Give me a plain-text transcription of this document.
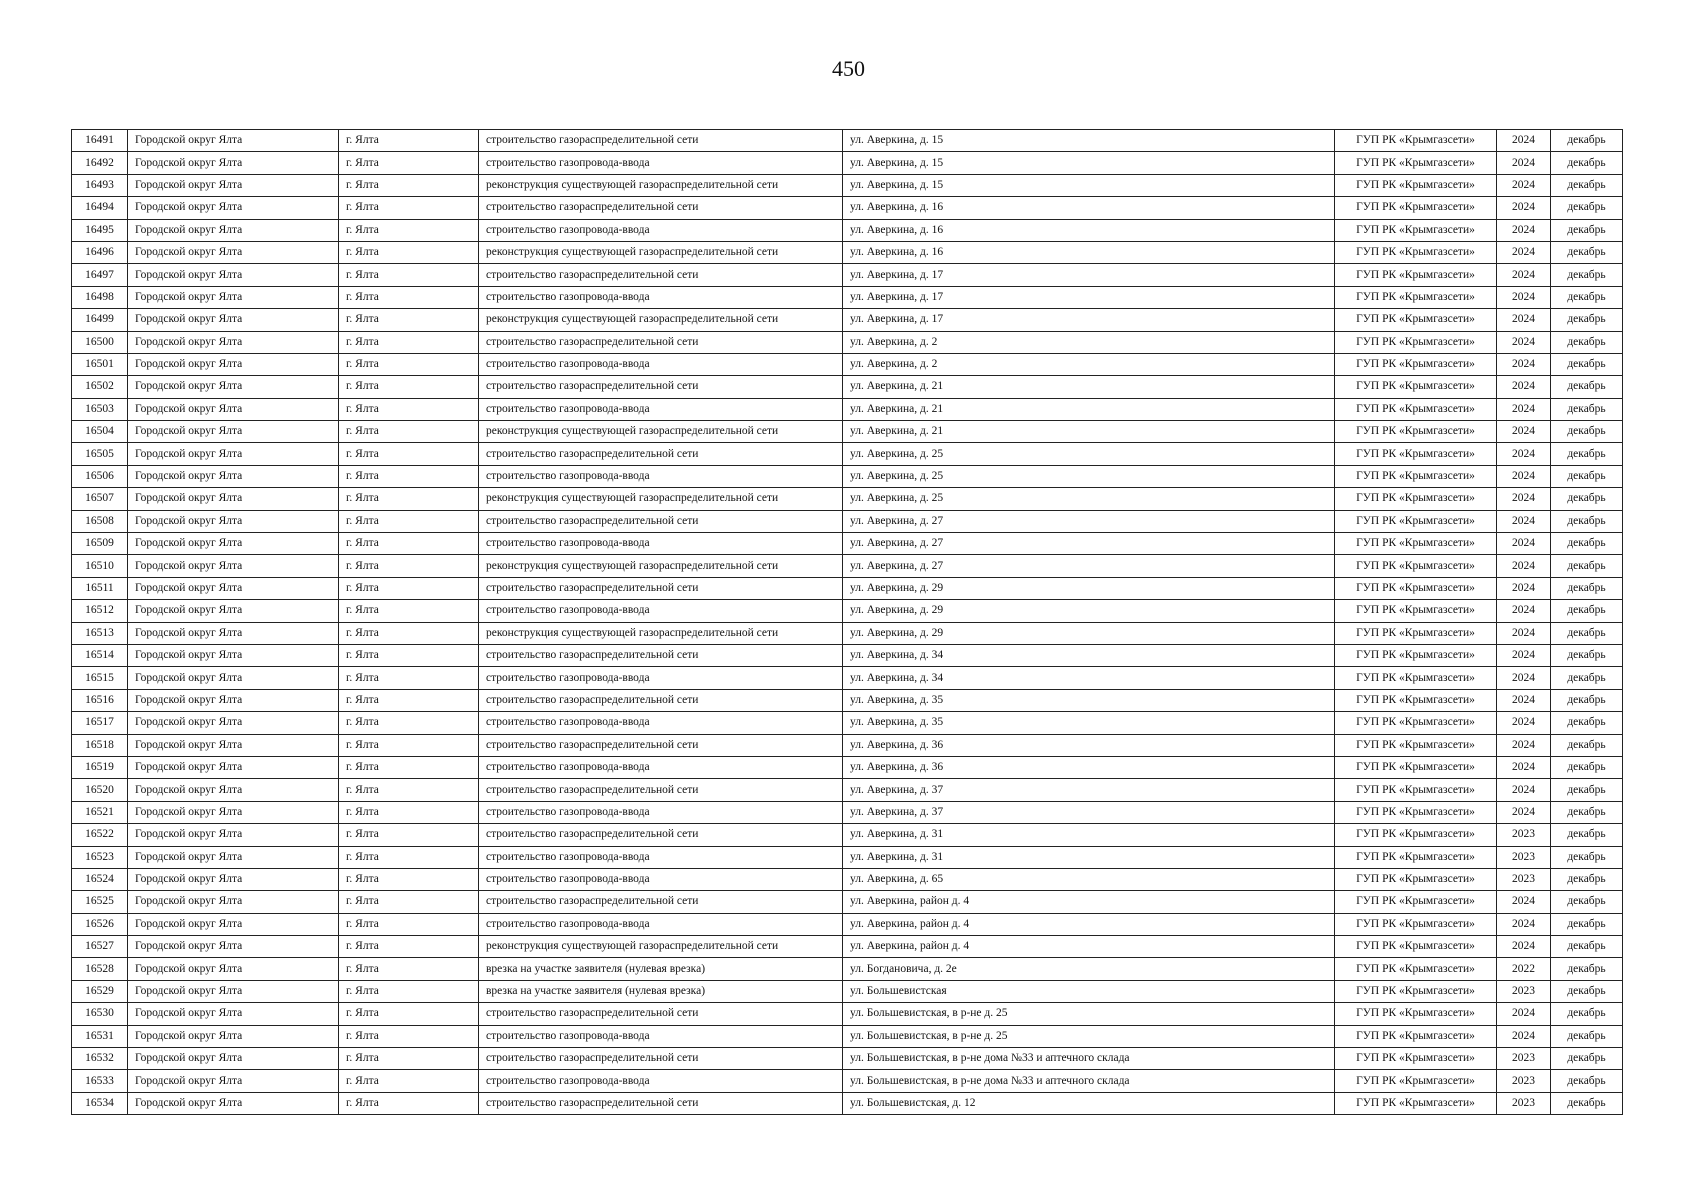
450
16491	Городской округ Ялта	г. Ялта	строительство газораспределительной сети	ул. Аверкина, д. 15	ГУП РК «Крымгазсети»	2024	декабрь
16492	Городской округ Ялта	г. Ялта	строительство газопровода-ввода	ул. Аверкина, д. 15	ГУП РК «Крымгазсети»	2024	декабрь
16493	Городской округ Ялта	г. Ялта	реконструкция существующей газораспределительной сети	ул. Аверкина, д. 15	ГУП РК «Крымгазсети»	2024	декабрь
16494	Городской округ Ялта	г. Ялта	строительство газораспределительной сети	ул. Аверкина, д. 16	ГУП РК «Крымгазсети»	2024	декабрь
16495	Городской округ Ялта	г. Ялта	строительство газопровода-ввода	ул. Аверкина, д. 16	ГУП РК «Крымгазсети»	2024	декабрь
16496	Городской округ Ялта	г. Ялта	реконструкция существующей газораспределительной сети	ул. Аверкина, д. 16	ГУП РК «Крымгазсети»	2024	декабрь
16497	Городской округ Ялта	г. Ялта	строительство газораспределительной сети	ул. Аверкина, д. 17	ГУП РК «Крымгазсети»	2024	декабрь
16498	Городской округ Ялта	г. Ялта	строительство газопровода-ввода	ул. Аверкина, д. 17	ГУП РК «Крымгазсети»	2024	декабрь
16499	Городской округ Ялта	г. Ялта	реконструкция существующей газораспределительной сети	ул. Аверкина, д. 17	ГУП РК «Крымгазсети»	2024	декабрь
16500	Городской округ Ялта	г. Ялта	строительство газораспределительной сети	ул. Аверкина, д. 2	ГУП РК «Крымгазсети»	2024	декабрь
16501	Городской округ Ялта	г. Ялта	строительство газопровода-ввода	ул. Аверкина, д. 2	ГУП РК «Крымгазсети»	2024	декабрь
16502	Городской округ Ялта	г. Ялта	строительство газораспределительной сети	ул. Аверкина, д. 21	ГУП РК «Крымгазсети»	2024	декабрь
16503	Городской округ Ялта	г. Ялта	строительство газопровода-ввода	ул. Аверкина, д. 21	ГУП РК «Крымгазсети»	2024	декабрь
16504	Городской округ Ялта	г. Ялта	реконструкция существующей газораспределительной сети	ул. Аверкина, д. 21	ГУП РК «Крымгазсети»	2024	декабрь
16505	Городской округ Ялта	г. Ялта	строительство газораспределительной сети	ул. Аверкина, д. 25	ГУП РК «Крымгазсети»	2024	декабрь
16506	Городской округ Ялта	г. Ялта	строительство газопровода-ввода	ул. Аверкина, д. 25	ГУП РК «Крымгазсети»	2024	декабрь
16507	Городской округ Ялта	г. Ялта	реконструкция существующей газораспределительной сети	ул. Аверкина, д. 25	ГУП РК «Крымгазсети»	2024	декабрь
16508	Городской округ Ялта	г. Ялта	строительство газораспределительной сети	ул. Аверкина, д. 27	ГУП РК «Крымгазсети»	2024	декабрь
16509	Городской округ Ялта	г. Ялта	строительство газопровода-ввода	ул. Аверкина, д. 27	ГУП РК «Крымгазсети»	2024	декабрь
16510	Городской округ Ялта	г. Ялта	реконструкция существующей газораспределительной сети	ул. Аверкина, д. 27	ГУП РК «Крымгазсети»	2024	декабрь
16511	Городской округ Ялта	г. Ялта	строительство газораспределительной сети	ул. Аверкина, д. 29	ГУП РК «Крымгазсети»	2024	декабрь
16512	Городской округ Ялта	г. Ялта	строительство газопровода-ввода	ул. Аверкина, д. 29	ГУП РК «Крымгазсети»	2024	декабрь
16513	Городской округ Ялта	г. Ялта	реконструкция существующей газораспределительной сети	ул. Аверкина, д. 29	ГУП РК «Крымгазсети»	2024	декабрь
16514	Городской округ Ялта	г. Ялта	строительство газораспределительной сети	ул. Аверкина, д. 34	ГУП РК «Крымгазсети»	2024	декабрь
16515	Городской округ Ялта	г. Ялта	строительство газопровода-ввода	ул. Аверкина, д. 34	ГУП РК «Крымгазсети»	2024	декабрь
16516	Городской округ Ялта	г. Ялта	строительство газораспределительной сети	ул. Аверкина, д. 35	ГУП РК «Крымгазсети»	2024	декабрь
16517	Городской округ Ялта	г. Ялта	строительство газопровода-ввода	ул. Аверкина, д. 35	ГУП РК «Крымгазсети»	2024	декабрь
16518	Городской округ Ялта	г. Ялта	строительство газораспределительной сети	ул. Аверкина, д. 36	ГУП РК «Крымгазсети»	2024	декабрь
16519	Городской округ Ялта	г. Ялта	строительство газопровода-ввода	ул. Аверкина, д. 36	ГУП РК «Крымгазсети»	2024	декабрь
16520	Городской округ Ялта	г. Ялта	строительство газораспределительной сети	ул. Аверкина, д. 37	ГУП РК «Крымгазсети»	2024	декабрь
16521	Городской округ Ялта	г. Ялта	строительство газопровода-ввода	ул. Аверкина, д. 37	ГУП РК «Крымгазсети»	2024	декабрь
16522	Городской округ Ялта	г. Ялта	строительство газораспределительной сети	ул. Аверкина, д. 31	ГУП РК «Крымгазсети»	2023	декабрь
16523	Городской округ Ялта	г. Ялта	строительство газопровода-ввода	ул. Аверкина, д. 31	ГУП РК «Крымгазсети»	2023	декабрь
16524	Городской округ Ялта	г. Ялта	строительство газопровода-ввода	ул. Аверкина, д. 65	ГУП РК «Крымгазсети»	2023	декабрь
16525	Городской округ Ялта	г. Ялта	строительство газораспределительной сети	ул. Аверкина, район д. 4	ГУП РК «Крымгазсети»	2024	декабрь
16526	Городской округ Ялта	г. Ялта	строительство газопровода-ввода	ул. Аверкина, район д. 4	ГУП РК «Крымгазсети»	2024	декабрь
16527	Городской округ Ялта	г. Ялта	реконструкция существующей газораспределительной сети	ул. Аверкина, район д. 4	ГУП РК «Крымгазсети»	2024	декабрь
16528	Городской округ Ялта	г. Ялта	врезка на участке заявителя (нулевая врезка)	ул. Богдановича, д. 2е	ГУП РК «Крымгазсети»	2022	декабрь
16529	Городской округ Ялта	г. Ялта	врезка на участке заявителя (нулевая врезка)	ул. Большевистская	ГУП РК «Крымгазсети»	2023	декабрь
16530	Городской округ Ялта	г. Ялта	строительство газораспределительной сети	ул. Большевистская, в р-не д. 25	ГУП РК «Крымгазсети»	2024	декабрь
16531	Городской округ Ялта	г. Ялта	строительство газопровода-ввода	ул. Большевистская, в р-не д. 25	ГУП РК «Крымгазсети»	2024	декабрь
16532	Городской округ Ялта	г. Ялта	строительство газораспределительной сети	ул. Большевистская, в р-не дома №33 и аптечного склада	ГУП РК «Крымгазсети»	2023	декабрь
16533	Городской округ Ялта	г. Ялта	строительство газопровода-ввода	ул. Большевистская, в р-не дома №33 и аптечного склада	ГУП РК «Крымгазсети»	2023	декабрь
16534	Городской округ Ялта	г. Ялта	строительство газораспределительной сети	ул. Большевистская, д. 12	ГУП РК «Крымгазсети»	2023	декабрь
